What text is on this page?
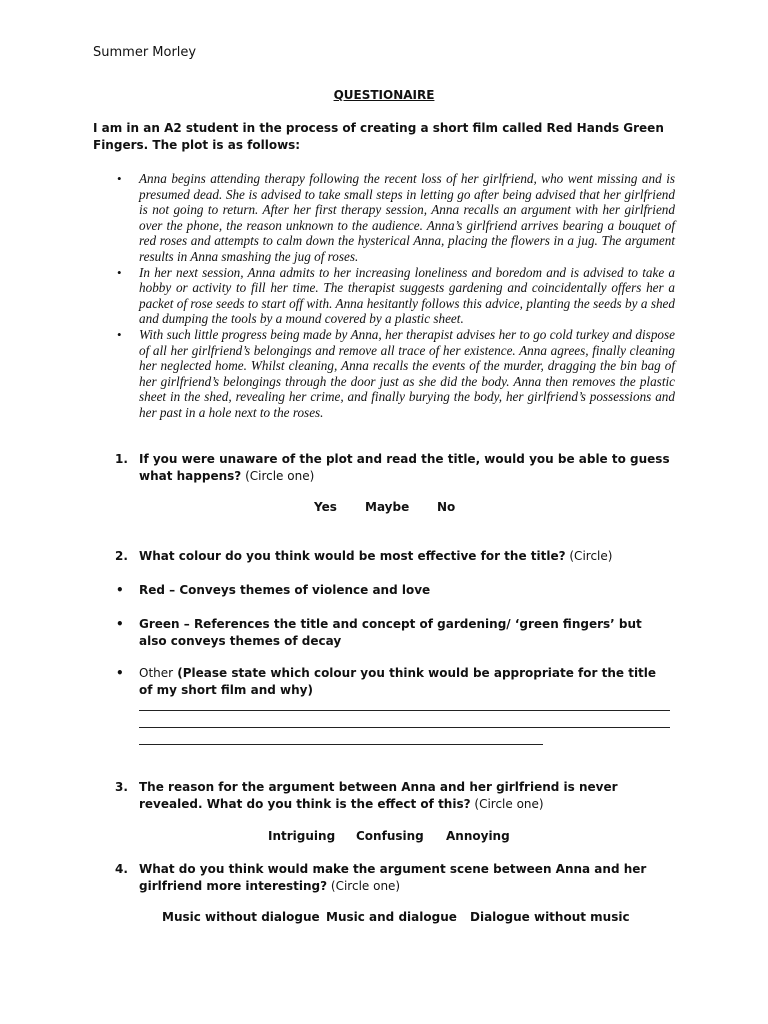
Summer Morley
QUESTIONAIRE
I am in an A2 student in the process of creating a short film called Red Hands Green Fingers. The plot is as follows:
• Anna begins attending therapy following the recent loss of her girlfriend, who went missing and is presumed dead. She is advised to take small steps in letting go after being advised that her girlfriend is not going to return. After her first therapy session, Anna recalls an argument with her girlfriend over the phone, the reason unknown to the audience. Anna’s girlfriend arrives bearing a bouquet of red roses and attempts to calm down the hysterical Anna, placing the flowers in a jug. The argument results in Anna smashing the jug of roses.
• In her next session, Anna admits to her increasing loneliness and boredom and is advised to take a hobby or activity to fill her time. The therapist suggests gardening and coincidentally offers her a packet of rose seeds to start off with. Anna hesitantly follows this advice, planting the seeds by a shed and dumping the tools by a mound covered by a plastic sheet.
• With such little progress being made by Anna, her therapist advises her to go cold turkey and dispose of all her girlfriend’s belongings and remove all trace of her existence. Anna agrees, finally cleaning her neglected home. Whilst cleaning, Anna recalls the events of the murder, dragging the bin bag of her girlfriend’s belongings through the door just as she did the body. Anna then removes the plastic sheet in the shed, revealing her crime, and finally burying the body, her girlfriend’s possessions and her past in a hole next to the roses.
1. If you were unaware of the plot and read the title, would you be able to guess what happens? (Circle one)
Yes Maybe No
2. What colour do you think would be most effective for the title? (Circle)
• Red – Conveys themes of violence and love
• Green – References the title and concept of gardening/ ‘green fingers’ but also conveys themes of decay
• Other (Please state which colour you think would be appropriate for the title of my short film and why)
3. The reason for the argument between Anna and her girlfriend is never revealed. What do you think is the effect of this? (Circle one)
Intriguing Confusing Annoying
4. What do you think would make the argument scene between Anna and her girlfriend more interesting? (Circle one)
Music without dialogue Music and dialogue Dialogue without music
